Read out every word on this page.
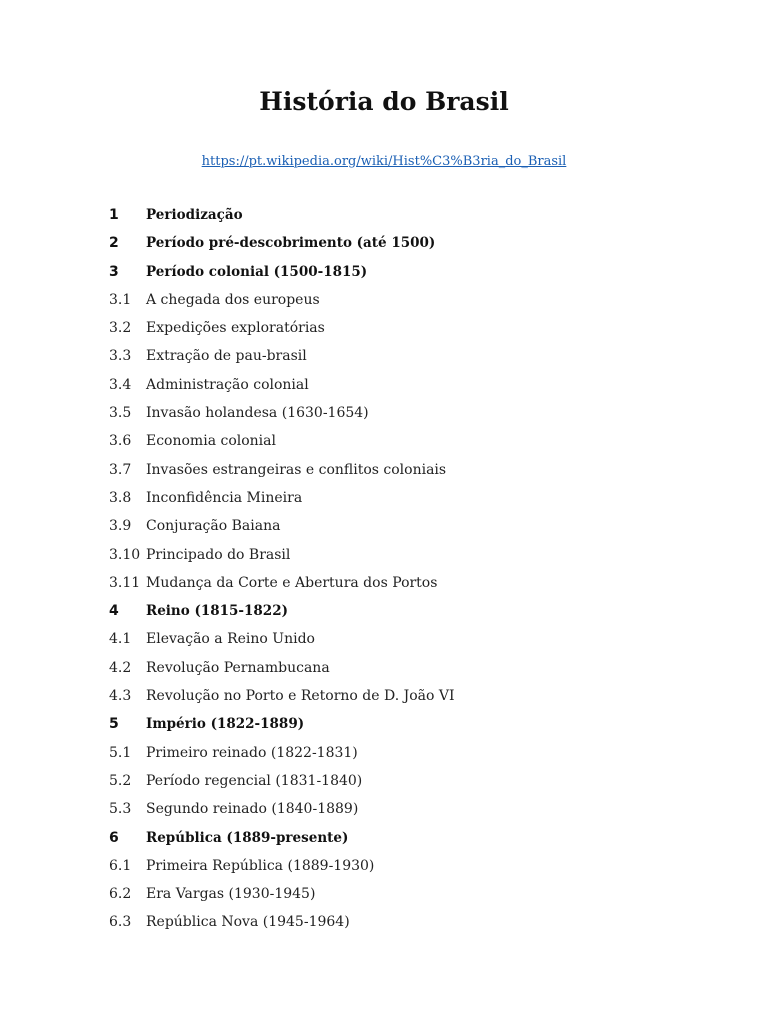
História do Brasil
https://pt.wikipedia.org/wiki/Hist%C3%B3ria_do_Brasil
1	Periodização
2	Período pré-descobrimento (até 1500)
3	Período colonial (1500-1815)
3.1	A chegada dos europeus
3.2	Expedições exploratórias
3.3	Extração de pau-brasil
3.4	Administração colonial
3.5	Invasão holandesa (1630-1654)
3.6	Economia colonial
3.7	Invasões estrangeiras e conflitos coloniais
3.8	Inconfidência Mineira
3.9	Conjuração Baiana
3.10 Principado do Brasil
3.11 Mudança da Corte e Abertura dos Portos
4	Reino (1815-1822)
4.1	Elevação a Reino Unido
4.2	Revolução Pernambucana
4.3	Revolução no Porto e Retorno de D. João VI
5	Império (1822-1889)
5.1	Primeiro reinado (1822-1831)
5.2	Período regencial (1831-1840)
5.3	Segundo reinado (1840-1889)
6	República (1889-presente)
6.1	Primeira República (1889-1930)
6.2	Era Vargas (1930-1945)
6.3	República Nova (1945-1964)
